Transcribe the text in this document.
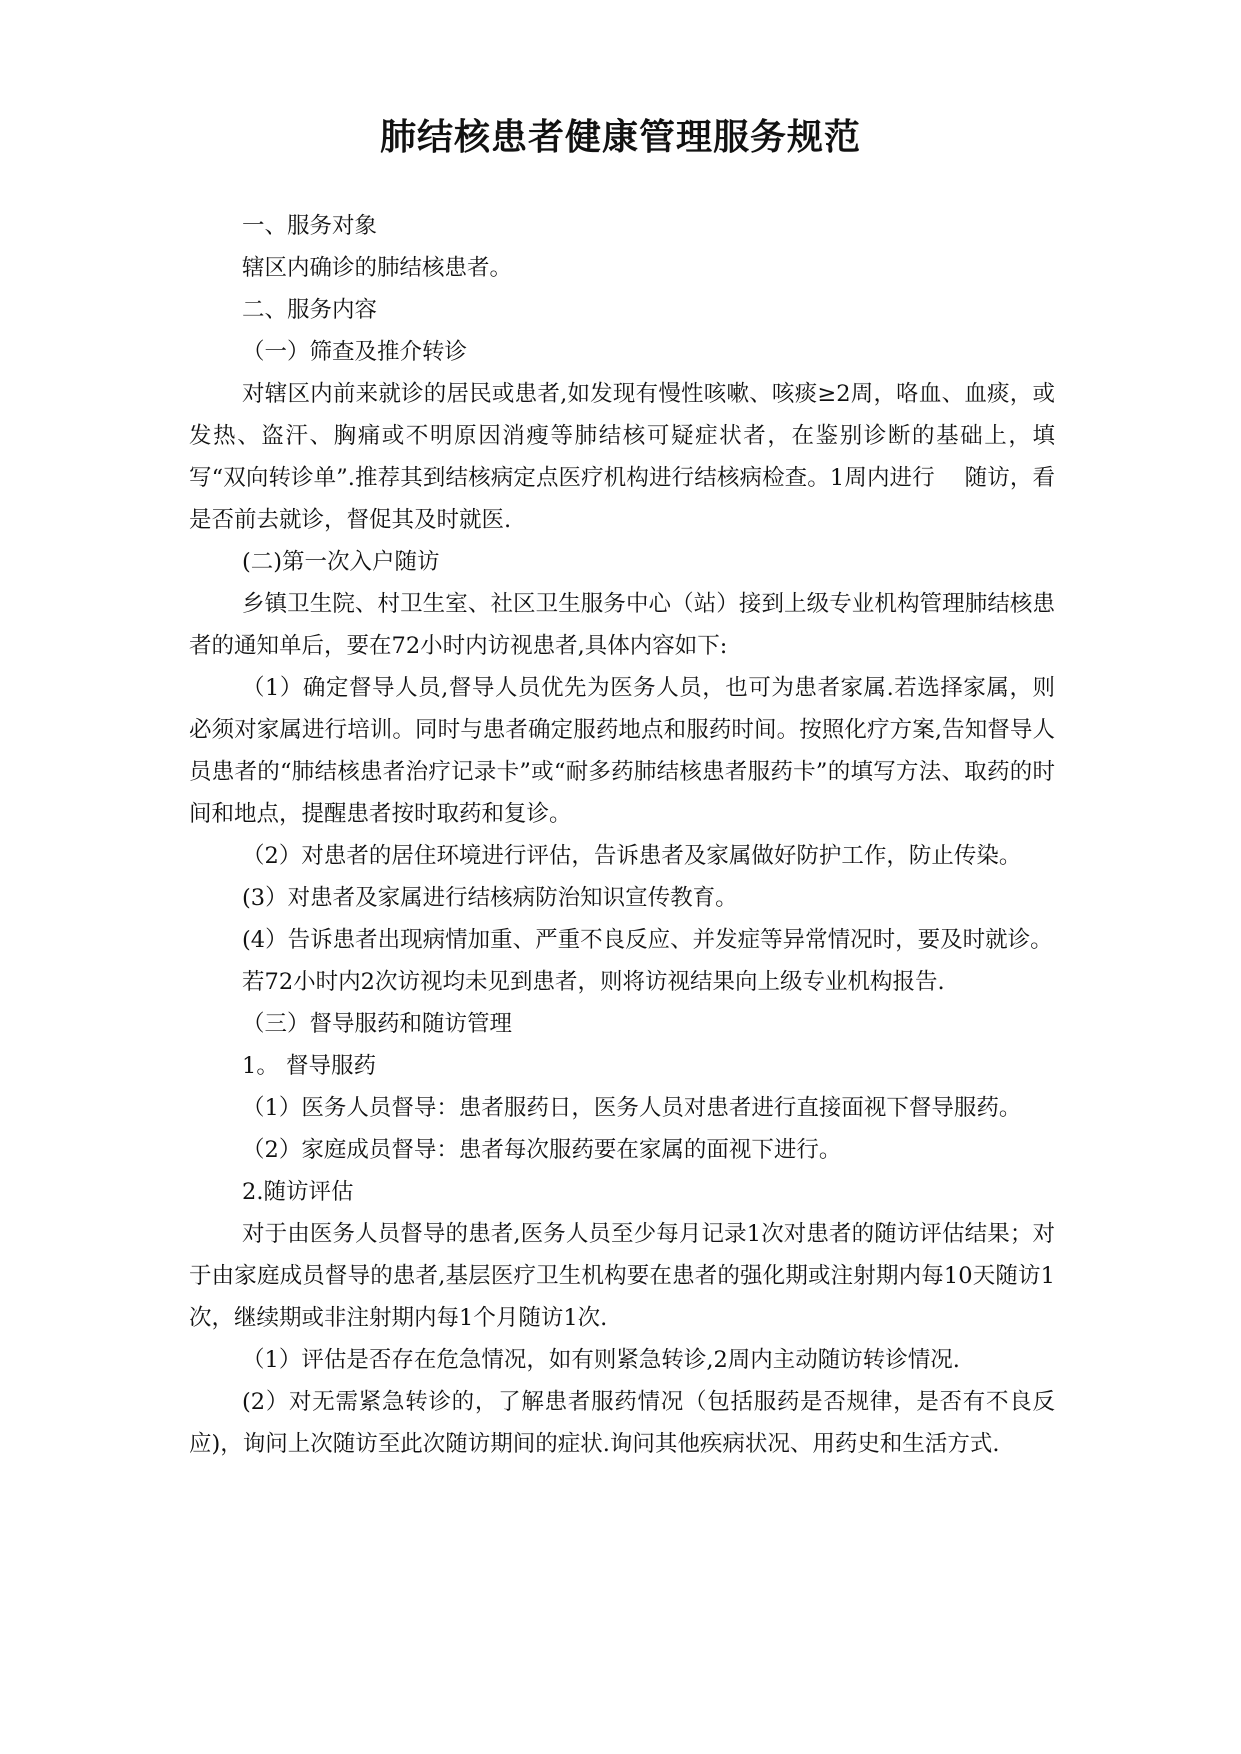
肺结核患者健康管理服务规范

一、服务对象

辖区内确诊的肺结核患者。

二、服务内容

（一）筛查及推介转诊

对辖区内前来就诊的居民或患者,如发现有慢性咳嗽、咳痰≥2周，咯血、血痰，或发热、盗汗、胸痛或不明原因消瘦等肺结核可疑症状者，在鉴别诊断的基础上，填写“双向转诊单”.推荐其到结核病定点医疗机构进行结核病检查。1周内进行　 随访，看是否前去就诊，督促其及时就医.

(二)第一次入户随访

乡镇卫生院、村卫生室、社区卫生服务中心（站）接到上级专业机构管理肺结核患者的通知单后，要在72小时内访视患者,具体内容如下:

（1）确定督导人员,督导人员优先为医务人员，也可为患者家属.若选择家属，则必须对家属进行培训。同时与患者确定服药地点和服药时间。按照化疗方案,告知督导人员患者的“肺结核患者治疗记录卡”或“耐多药肺结核患者服药卡”的填写方法、取药的时间和地点，提醒患者按时取药和复诊。

（2）对患者的居住环境进行评估，告诉患者及家属做好防护工作，防止传染。

(3）对患者及家属进行结核病防治知识宣传教育。

(4）告诉患者出现病情加重、严重不良反应、并发症等异常情况时，要及时就诊。

若72小时内2次访视均未见到患者，则将访视结果向上级专业机构报告.

（三）督导服药和随访管理

1。 督导服药

（1）医务人员督导：患者服药日，医务人员对患者进行直接面视下督导服药。

（2）家庭成员督导：患者每次服药要在家属的面视下进行。

2.随访评估

对于由医务人员督导的患者,医务人员至少每月记录1次对患者的随访评估结果；对于由家庭成员督导的患者,基层医疗卫生机构要在患者的强化期或注射期内每10天随访1次，继续期或非注射期内每1个月随访1次.

（1）评估是否存在危急情况，如有则紧急转诊,2周内主动随访转诊情况.

(2）对无需紧急转诊的，了解患者服药情况（包括服药是否规律，是否有不良反应)，询问上次随访至此次随访期间的症状.询问其他疾病状况、用药史和生活方式.
